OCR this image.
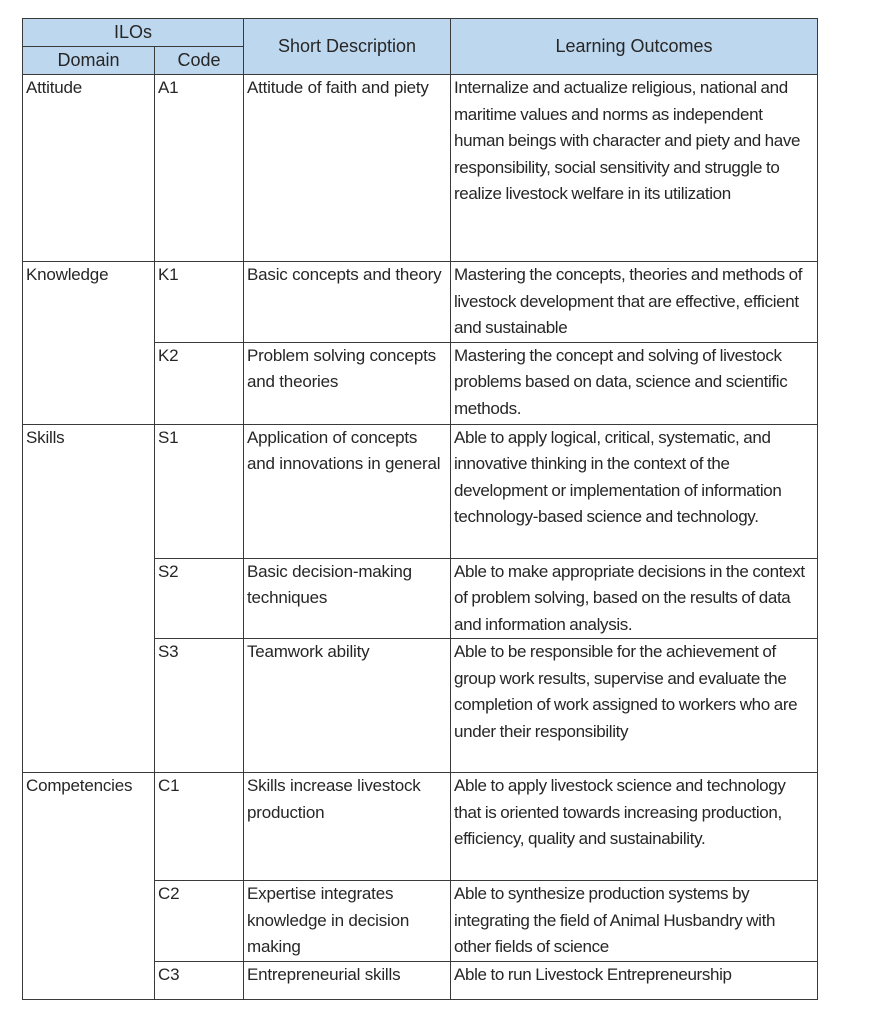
ILOs		Short Description	Learning Outcomes
Domain	Code		
Attitude	A1	Attitude of faith and piety	Internalize and actualize religious, national and maritime values and norms as independent human beings with character and piety and have responsibility, social sensitivity and struggle to realize livestock welfare in its utilization
Knowledge	K1	Basic concepts and theory	Mastering the concepts, theories and methods of livestock development that are effective, efficient and sustainable
	K2	Problem solving concepts and theories	Mastering the concept and solving of livestock problems based on data, science and scientific methods.
Skills	S1	Application of concepts and innovations in general	Able to apply logical, critical, systematic, and innovative thinking in the context of the development or implementation of information technology-based science and technology.
	S2	Basic decision-making techniques	Able to make appropriate decisions in the context of problem solving, based on the results of data and information analysis.
	S3	Teamwork ability	Able to be responsible for the achievement of group work results, supervise and evaluate the completion of work assigned to workers who are under their responsibility
Competencies	C1	Skills increase livestock production	Able to apply livestock science and technology that is oriented towards increasing production, efficiency, quality and sustainability.
	C2	Expertise integrates knowledge in decision making	Able to synthesize production systems by integrating the field of Animal Husbandry with other fields of science
	C3	Entrepreneurial skills	Able to run Livestock Entrepreneurship
